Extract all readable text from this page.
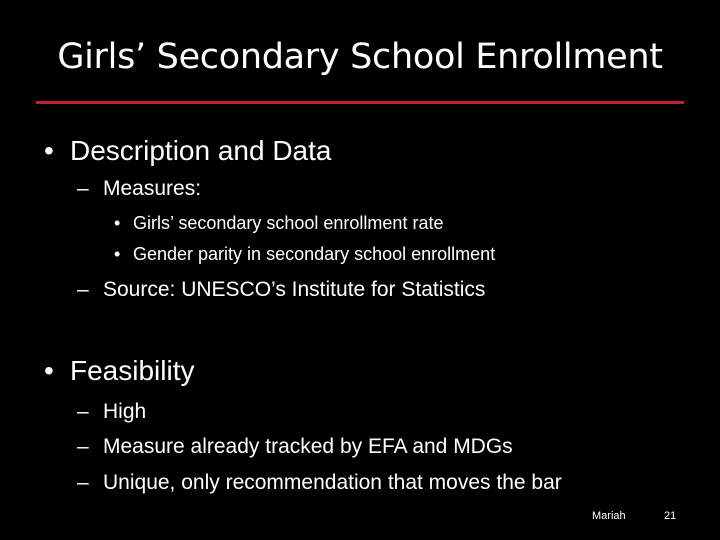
Girls’ Secondary School Enrollment
• Description and Data
– Measures:
• Girls’ secondary school enrollment rate
• Gender parity in secondary school enrollment
– Source: UNESCO’s Institute for Statistics
• Feasibility
– High
– Measure already tracked by EFA and MDGs
– Unique, only recommendation that moves the bar
Mariah	21
